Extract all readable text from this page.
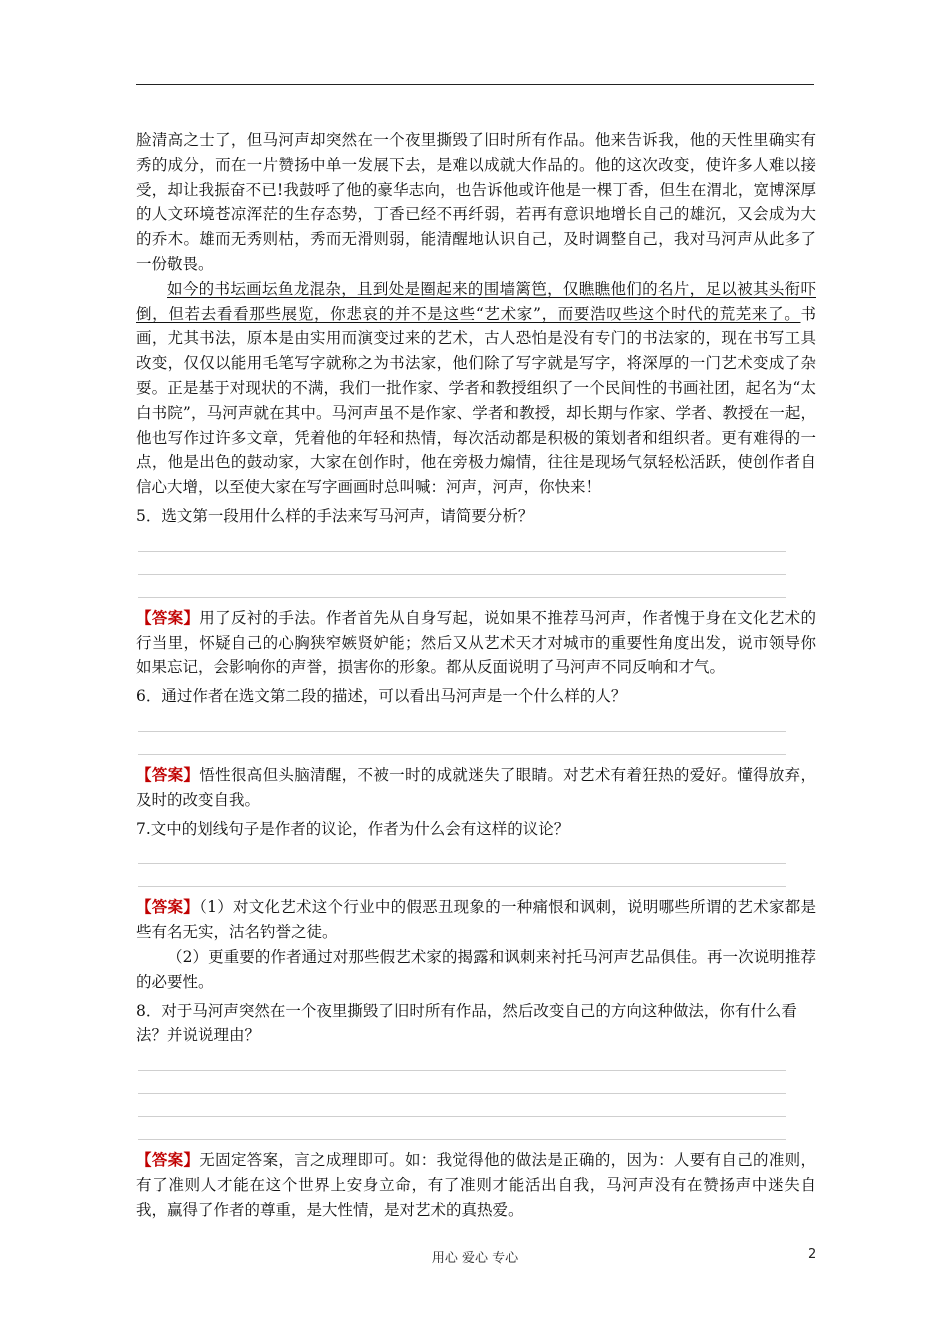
脸清高之士了，但马河声却突然在一个夜里撕毁了旧时所有作品。他来告诉我，他的天性里确实有秀的成分，而在一片赞扬中单一发展下去，是难以成就大作品的。他的这次改变，使许多人难以接受，却让我振奋不已!我鼓呼了他的豪华志向，也告诉他或许他是一棵丁香，但生在渭北，宽博深厚的人文环境苍凉浑茫的生存态势，丁香已经不再纤弱，若再有意识地增长自己的雄沉，又会成为大的乔木。雄而无秀则枯，秀而无滑则弱，能清醒地认识自己，及时调整自己，我对马河声从此多了一份敬畏。

如今的书坛画坛鱼龙混杂，且到处是圈起来的围墙篱笆，仅瞧瞧他们的名片，足以被其头衔吓倒，但若去看看那些展览，你悲哀的并不是这些“艺术家”，而要浩叹些这个时代的荒芜来了。书画，尤其书法，原本是由实用而演变过来的艺术，古人恐怕是没有专门的书法家的，现在书写工具改变，仅仅以能用毛笔写字就称之为书法家，他们除了写字就是写字，将深厚的一门艺术变成了杂耍。正是基于对现状的不满，我们一批作家、学者和教授组织了一个民间性的书画社团，起名为“太白书院”，马河声就在其中。马河声虽不是作家、学者和教授，却长期与作家、学者、教授在一起，他也写作过许多文章，凭着他的年轻和热情，每次活动都是积极的策划者和组织者。更有难得的一点，他是出色的鼓动家，大家在创作时，他在旁极力煽情，往往是现场气氛轻松活跃，使创作者自信心大增，以至使大家在写字画画时总叫喊：河声，河声，你快来！

5．选文第一段用什么样的手法来写马河声，请简要分析？

【答案】用了反衬的手法。作者首先从自身写起，说如果不推荐马河声，作者愧于身在文化艺术的行当里，怀疑自己的心胸狭窄嫉贤妒能；然后又从艺术天才对城市的重要性角度出发，说市领导你如果忘记，会影响你的声誉，损害你的形象。都从反面说明了马河声不同反响和才气。

6．通过作者在选文第二段的描述，可以看出马河声是一个什么样的人？

【答案】悟性很高但头脑清醒，不被一时的成就迷失了眼睛。对艺术有着狂热的爱好。懂得放弃，及时的改变自我。

7.文中的划线句子是作者的议论，作者为什么会有这样的议论？

【答案】（1）对文化艺术这个行业中的假恶丑现象的一种痛恨和讽刺，说明哪些所谓的艺术家都是些有名无实，沽名钓誉之徒。

（2）更重要的作者通过对那些假艺术家的揭露和讽刺来衬托马河声艺品俱佳。再一次说明推荐的必要性。

8．对于马河声突然在一个夜里撕毁了旧时所有作品，然后改变自己的方向这种做法，你有什么看法？并说说理由？

【答案】无固定答案，言之成理即可。如：我觉得他的做法是正确的，因为：人要有自己的准则，有了准则人才能在这个世界上安身立命，有了准则才能活出自我，马河声没有在赞扬声中迷失自我，赢得了作者的尊重，是大性情，是对艺术的真热爱。

用心 爱心 专心	2
